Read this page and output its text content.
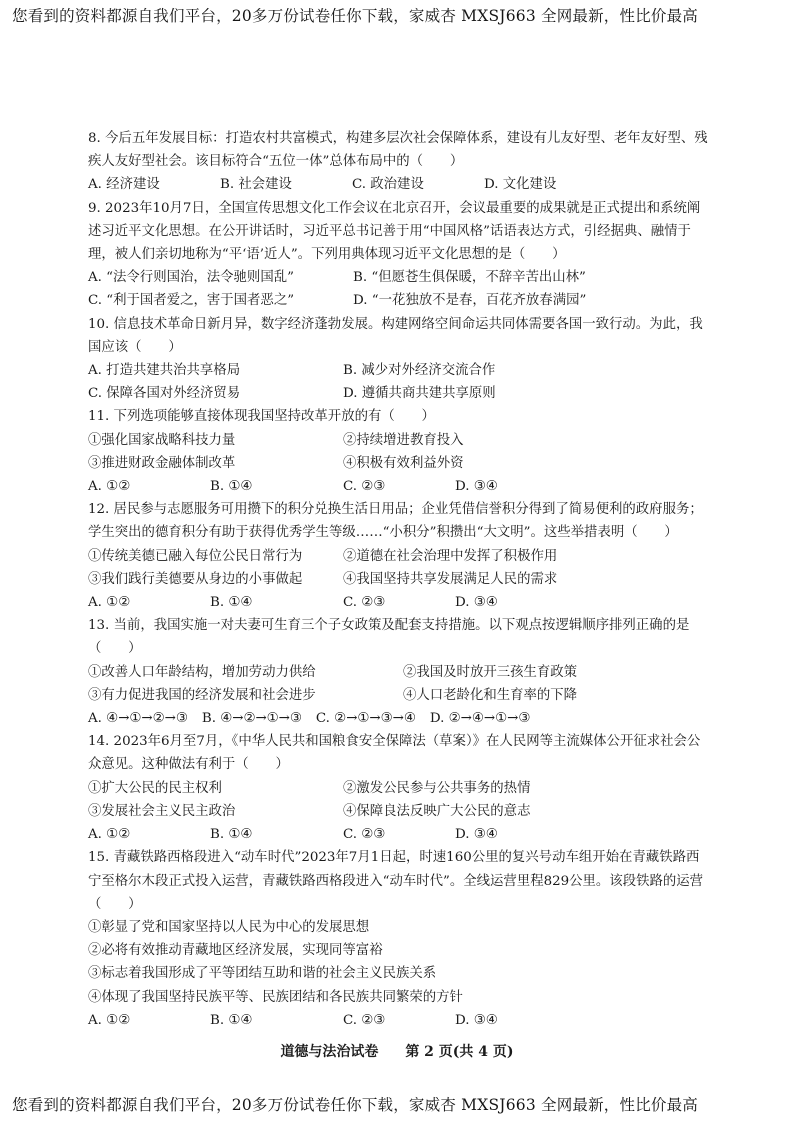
您看到的资料都源自我们平台，20多万份试卷任你下载，家威杏 MXSJ663 全网最新，性比价最高
8. 今后五年发展目标：打造农村共富模式，构建多层次社会保障体系，建设有儿友好型、老年友好型、残疾人友好型社会。该目标符合“五位一体”总体布局中的（　　）
A. 经济建设	B. 社会建设	C. 政治建设	D. 文化建设
9. 2023年10月7日，全国宣传思想文化工作会议在北京召开，会议最重要的成果就是正式提出和系统阐述习近平文化思想。在公开讲话时，习近平总书记善于用“中国风格”话语表达方式，引经据典、融情于理，被人们亲切地称为“平‘语’近人”。下列用典体现习近平文化思想的是（　　）
A. “法令行则国治，法令驰则国乱”	B. “但愿苍生俱保暖，不辞辛苦出山林”
C. “利于国者爱之，害于国者恶之”	D. “一花独放不是春，百花齐放春满园”
10. 信息技术革命日新月异，数字经济蓬勃发展。构建网络空间命运共同体需要各国一致行动。为此，我国应该（　　）
A. 打造共建共治共享格局	B. 减少对外经济交流合作
C. 保障各国对外经济贸易	D. 遵循共商共建共享原则
11. 下列选项能够直接体现我国坚持改革开放的有（　　）
①强化国家战略科技力量	②持续增进教育投入
③推进财政金融体制改革	④积极有效利益外资
A. ①②	B. ①④	C. ②③	D. ③④
12. 居民参与志愿服务可用攒下的积分兑换生活日用品；企业凭借信誉积分得到了简易便利的政府服务；学生突出的德育积分有助于获得优秀学生等级……“小积分”积攒出“大文明”。这些举措表明（　　）
①传统美德已融入每位公民日常行为	②道德在社会治理中发挥了积极作用
③我们践行美德要从身边的小事做起	④我国坚持共享发展满足人民的需求
A. ①②	B. ①④	C. ②③	D. ③④
13. 当前，我国实施一对夫妻可生育三个子女政策及配套支持措施。以下观点按逻辑顺序排列正确的是（　　）
①改善人口年龄结构，增加劳动力供给	②我国及时放开三孩生育政策
③有力促进我国的经济发展和社会进步	④人口老龄化和生育率的下降
A. ④→①→②→③ B. ④→②→①→③ C. ②→①→③→④ D. ②→④→①→③
14. 2023年6月至7月，《中华人民共和国粮食安全保障法（草案）》在人民网等主流媒体公开征求社会公众意见。这种做法有利于（　　）
①扩大公民的民主权利	②激发公民参与公共事务的热情
③发展社会主义民主政治	④保障良法反映广大公民的意志
A. ①②	B. ①④	C. ②③	D. ③④
15. 青藏铁路西格段进入“动车时代”2023年7月1日起，时速160公里的复兴号动车组开始在青藏铁路西宁至格尔木段正式投入运营，青藏铁路西格段进入“动车时代”。全线运营里程829公里。该段铁路的运营（　　）
①彰显了党和国家坚持以人民为中心的发展思想
②必将有效推动青藏地区经济发展，实现同等富裕
③标志着我国形成了平等团结互助和谐的社会主义民族关系
④体现了我国坚持民族平等、民族团结和各民族共同繁荣的方针
A. ①②	B. ①④	C. ②③	D. ③④
道德与法治试卷 第 2 页(共 4 页)
您看到的资料都源自我们平台，20多万份试卷任你下载，家威杏 MXSJ663 全网最新，性比价最高
